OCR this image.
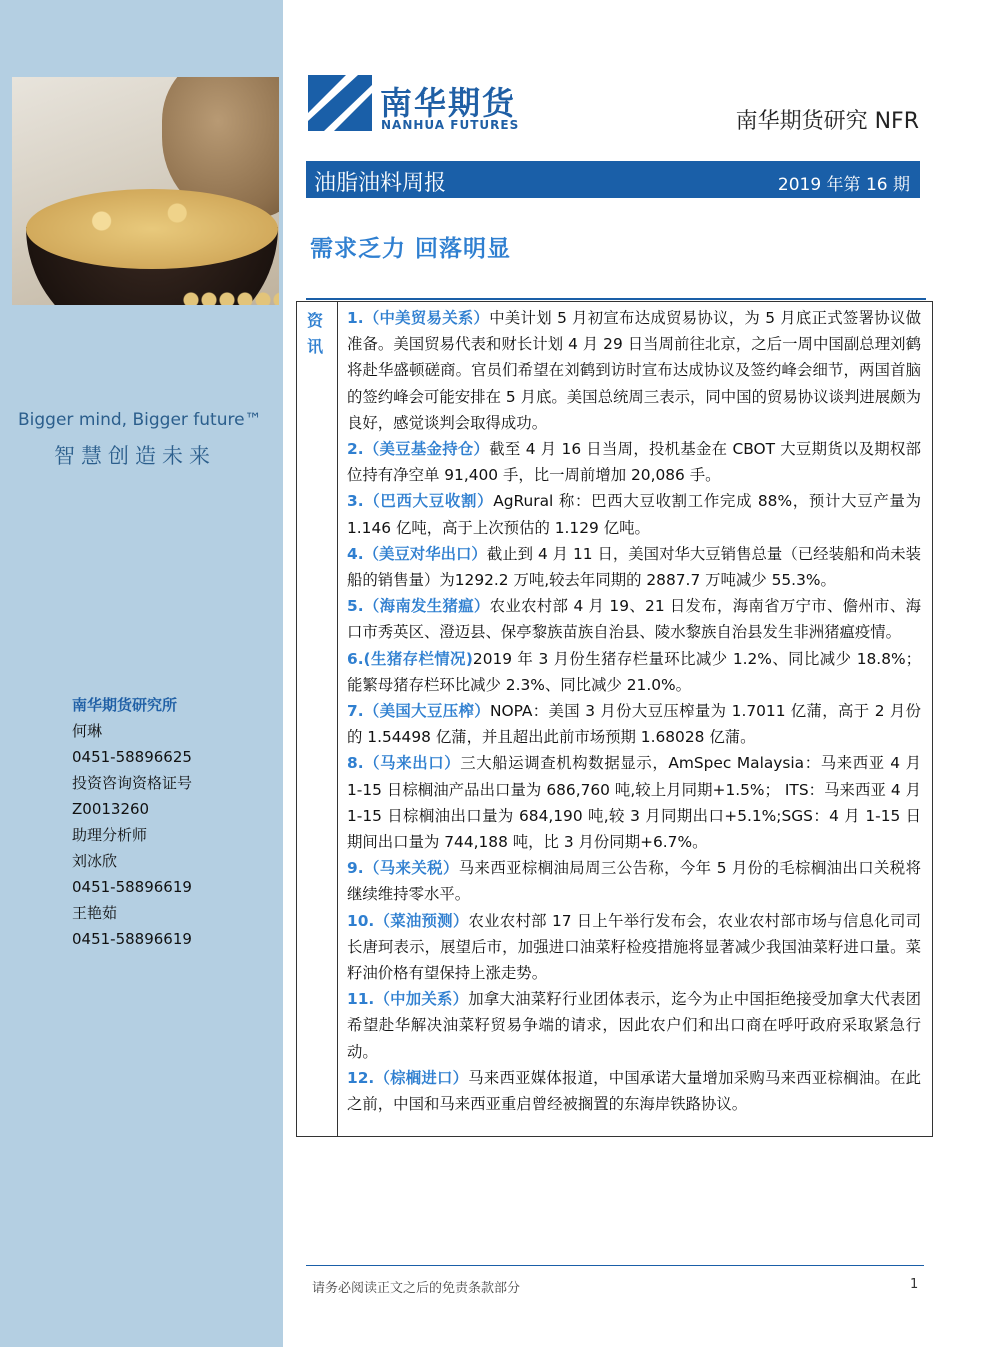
Bigger mind, Bigger future™
智慧创造未来
南华期货研究所
何琳
0451-58896625
投资咨询资格证号
Z0013260
助理分析师
刘冰欣
0451-58896619
王艳茹
0451-58896619
南华期货
NANHUA FUTURES	南华期货研究 NFR
油脂油料周报	2019 年第 16 期
需求乏力 回落明显
资
讯

1.（中美贸易关系）中美计划 5 月初宣布达成贸易协议，为 5 月底正式签署协议做准备。美国贸易代表和财长计划 4 月 29 日当周前往北京，之后一周中国副总理刘鹤将赴华盛顿磋商。官员们希望在刘鹤到访时宣布达成协议及签约峰会细节，两国首脑的签约峰会可能安排在 5 月底。美国总统周三表示，同中国的贸易协议谈判进展颇为良好，感觉谈判会取得成功。

2.（美豆基金持仓）截至 4 月 16 日当周，投机基金在 CBOT 大豆期货以及期权部位持有净空单 91,400 手，比一周前增加 20,086 手。

3.（巴西大豆收割）AgRural 称：巴西大豆收割工作完成 88%，预计大豆产量为 1.146 亿吨，高于上次预估的 1.129 亿吨。

4.（美豆对华出口）截止到 4 月 11 日，美国对华大豆销售总量（已经装船和尚未装船的销售量）为1292.2 万吨,较去年同期的 2887.7 万吨减少 55.3%。

5.（海南发生猪瘟）农业农村部 4 月 19、21 日发布，海南省万宁市、儋州市、海口市秀英区、澄迈县、保亭黎族苗族自治县、陵水黎族自治县发生非洲猪瘟疫情。

6.(生猪存栏情况)2019 年 3 月份生猪存栏量环比减少 1.2%、同比减少 18.8%；能繁母猪存栏环比减少 2.3%、同比减少 21.0%。

7.（美国大豆压榨）NOPA：美国 3 月份大豆压榨量为 1.7011 亿蒲，高于 2 月份的 1.54498 亿蒲，并且超出此前市场预期 1.68028 亿蒲。

8.（马来出口）三大船运调查机构数据显示，AmSpec Malaysia：马来西亚 4 月 1-15 日棕榈油产品出口量为 686,760 吨,较上月同期+1.5%； ITS：马来西亚 4 月 1-15 日棕榈油出口量为 684,190 吨,较 3 月同期出口+5.1%;SGS：4 月 1-15 日期间出口量为 744,188 吨，比 3 月份同期+6.7%。

9.（马来关税）马来西亚棕榈油局周三公告称，今年 5 月份的毛棕榈油出口关税将继续维持零水平。

10.（菜油预测）农业农村部 17 日上午举行发布会，农业农村部市场与信息化司司长唐珂表示，展望后市，加强进口油菜籽检疫措施将显著减少我国油菜籽进口量。菜籽油价格有望保持上涨走势。

11.（中加关系）加拿大油菜籽行业团体表示，迄今为止中国拒绝接受加拿大代表团希望赴华解决油菜籽贸易争端的请求，因此农户们和出口商在呼吁政府采取紧急行动。

12.（棕榈进口）马来西亚媒体报道，中国承诺大量增加采购马来西亚棕榈油。在此之前，中国和马来西亚重启曾经被搁置的东海岸铁路协议。

请务必阅读正文之后的免责条款部分	1
